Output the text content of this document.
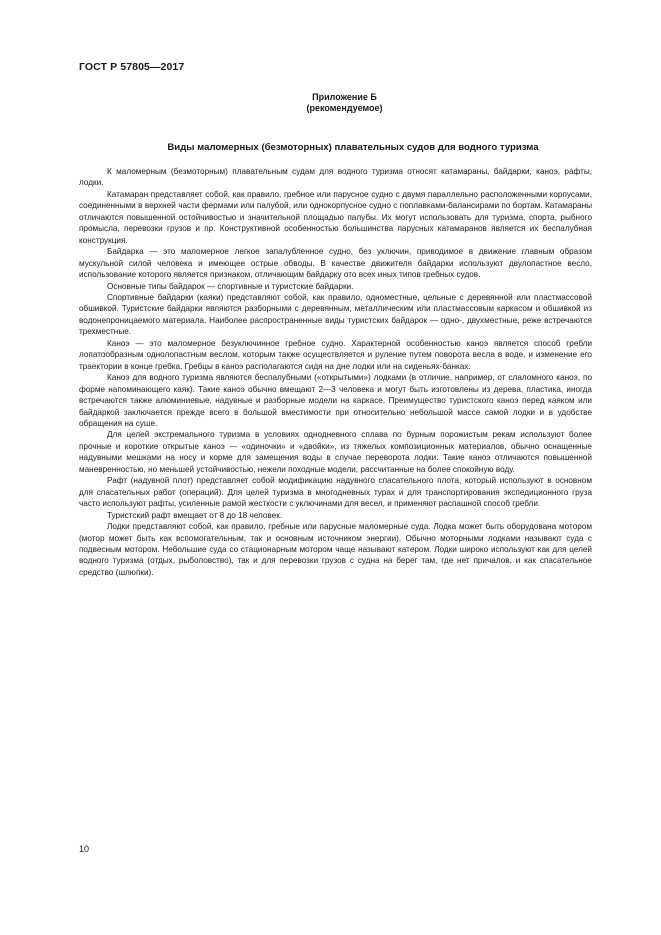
ГОСТ Р 57805—2017
Приложение Б
(рекомендуемое)
Виды маломерных (безмоторных) плавательных судов для водного туризма

К маломерным (безмоторным) плавательным судам для водного туризма относят катамараны, байдарки, каноэ, рафты, лодки.

Катамаран представляет собой, как правило, гребное или парусное судно с двумя параллельно расположенными корпусами, соединенными в верхней части фермами или палубой, или однокорпусное судно с поплавками-балансирами по бортам. Катамараны отличаются повышенной остойчивостью и значительной площадью палубы. Их могут использовать для туризма, спорта, рыбного промысла, перевозки грузов и пр. Конструктивной особенностью большинства парусных катамаранов является их беспалубная конструкция.

Байдарка — это маломерное легкое запалубленное судно, без уключин, приводимое в движение главным образом мускульной силой человека и имеющее острые обводы. В качестве движителя байдарки используют двулопастное весло, использование которого является признаком, отличающим байдарку ото всех иных типов гребных судов.

Основные типы байдарок — спортивные и туристские байдарки.

Спортивные байдарки (каяки) представляют собой, как правило, одноместные, цельные с деревянной или пластмассовой обшивкой. Туристские байдарки являются разборными с деревянным, металлическим или пластмассовым каркасом и обшивкой из водонепроницаемого материала. Наиболее распространенные виды туристских байдарок — одно-, двухместные, реже встречаются трехместные.

Каноэ — это маломерное безуключинное гребное судно. Характерной особенностью каноэ является способ гребли лопатообразным однолопастным веслом, которым также осуществляется и руление путем поворота весла в воде, и изменение его траектории в конце гребка. Гребцы в каноэ располагаются сидя на дне лодки или на сиденьях-банках.

Каноэ для водного туризма являются беспалубными («открытыми») лодками (в отличие, например, от слаломного каноэ, по форме напоминающего каяк). Такие каноэ обычно вмещают 2—3 человека и могут быть изготовлены из дерева, пластика, иногда встречаются также алюминиевые, надувные и разборные модели на каркасе. Преимущество туристского каноэ перед каяком или байдаркой заключается прежде всего в большой вместимости при относительно небольшой массе самой лодки и в удобстве обращения на суше.

Для целей экстремального туризма в условиях однодневного сплава по бурным порожистым рекам используют более прочные и короткие открытые каноэ — «одиночки» и «двойки», из тяжелых композиционных материалов, обычно оснащенные надувными мешками на носу и корме для замещения воды в случае переворота лодки. Такие каноэ отличаются повышенной маневренностью, но меньшей устойчивостью, нежели походные модели, рассчитанные на более спокойную воду.

Рафт (надувной плот) представляет собой модификацию надувного спасательного плота, который используют в основном для спасательных работ (операций). Для целей туризма в многодневных турах и для транспортирования экспедиционного груза часто используют рафты, усиленные рамой жесткости с уключинами для весел, и применяют распашной способ гребли.

Туристский рафт вмещает от 8 до 18 человек.

Лодки представляют собой, как правило, гребные или парусные маломерные суда. Лодка может быть оборудована мотором (мотор может быть как вспомогательным, так и основным источником энергии). Обычно моторными лодками называют суда с подвесным мотором. Небольшие суда со стационарным мотором чаще называют катером. Лодки широко используют как для целей водного туризма (отдых, рыболовство), так и для перевозки грузов с судна на берег там, где нет причалов, и как спасательное средство (шлюпки).

10
